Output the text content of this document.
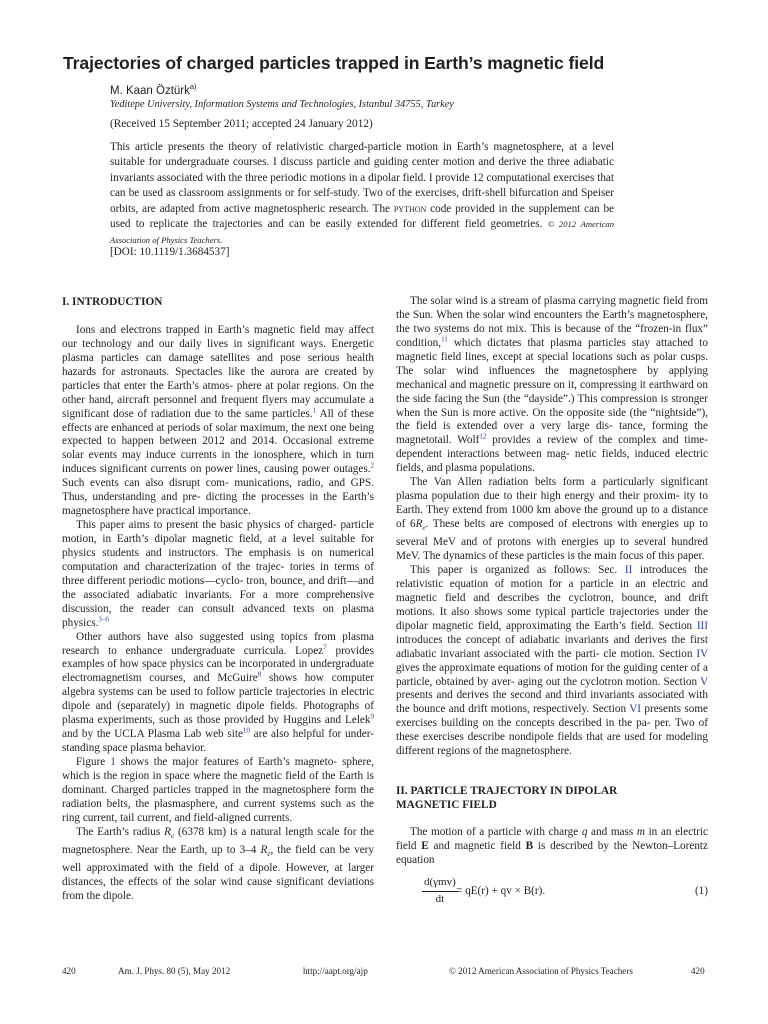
Trajectories of charged particles trapped in Earth’s magnetic field
M. Kaan Öztürk$^{a)}$
Yeditepe University, Information Systems and Technologies, Istanbul 34755, Turkey
(Received 15 September 2011; accepted 24 January 2012)

This article presents the theory of relativistic charged-particle motion in Earth’s magnetosphere, at a level suitable for undergraduate courses. I discuss particle and guiding center motion and derive the three adiabatic invariants associated with the three periodic motions in a dipolar field. I provide 12 computational exercises that can be used as classroom assignments or for self-study. Two of the exercises, drift-shell bifurcation and Speiser orbits, are adapted from active magnetospheric research. The python code provided in the supplement can be used to replicate the trajectories and can be easily extended for different field geometries. © 2012 American Association of Physics Teachers.

[DOI: 10.1119/1.3684537]

I. INTRODUCTION

Ions and electrons trapped in Earth’s magnetic field may affect our technology and our daily lives in significant ways. Energetic plasma particles can damage satellites and pose serious health hazards for astronauts. Spectacles like the aurora are created by particles that enter the Earth’s atmos- phere at polar regions. On the other hand, aircraft personnel and frequent flyers may accumulate a significant dose of radiation due to the same particles.$^1$ All of these effects are enhanced at periods of solar maximum, the next one being expected to happen between 2012 and 2014. Occasional extreme solar events may induce currents in the ionosphere, which in turn induces significant currents on power lines, causing power outages.$^2$ Such events can also disrupt com- munications, radio, and GPS. Thus, understanding and pre- dicting the processes in the Earth’s magnetosphere have practical importance.

This paper aims to present the basic physics of charged- particle motion, in Earth’s dipolar magnetic field, at a level suitable for physics students and instructors. The emphasis is on numerical computation and characterization of the trajec- tories in terms of three different periodic motions—cyclo- tron, bounce, and drift—and the associated adiabatic invariants. For a more comprehensive discussion, the reader can consult advanced texts on plasma physics.$^{3-6}$

Other authors have also suggested using topics from plasma research to enhance undergraduate curricula. Lopez$^7$ provides examples of how space physics can be incorporated in undergraduate electromagnetism courses, and McGuire$^8$ shows how computer algebra systems can be used to follow particle trajectories in electric dipole and (separately) in magnetic dipole fields. Photographs of plasma experiments, such as those provided by Huggins and Lelek$^9$ and by the UCLA Plasma Lab web site$^{10}$ are also helpful for under- standing space plasma behavior.

Figure 1 shows the major features of Earth’s magneto- sphere, which is the region in space where the magnetic field of the Earth is dominant. Charged particles trapped in the magnetosphere form the radiation belts, the plasmasphere, and current systems such as the ring current, tail current, and field-aligned currents.

The Earth’s radius $R_e$ (6378 km) is a natural length scale for the magnetosphere. Near the Earth, up to 3–4 $R_e$, the field can be very well approximated with the field of a dipole. However, at larger distances, the effects of the solar wind cause significant deviations from the dipole.

The solar wind is a stream of plasma carrying magnetic field from the Sun. When the solar wind encounters the Earth’s magnetosphere, the two systems do not mix. This is because of the “frozen-in flux” condition,$^{11}$ which dictates that plasma particles stay attached to magnetic field lines, except at special locations such as polar cusps. The solar wind influences the magnetosphere by applying mechanical and magnetic pressure on it, compressing it earthward on the side facing the Sun (the “dayside”.) This compression is stronger when the Sun is more active. On the opposite side (the “nightside”), the field is extended over a very large dis- tance, forming the magnetotail. Wolf$^{12}$ provides a review of the complex and time-dependent interactions between mag- netic fields, induced electric fields, and plasma populations.

The Van Allen radiation belts form a particularly significant plasma population due to their high energy and their proxim- ity to Earth. They extend from 1000 km above the ground up to a distance of $6R_e$. These belts are composed of electrons with energies up to several MeV and of protons with energies up to several hundred MeV. The dynamics of these particles is the main focus of this paper.

This paper is organized as follows: Sec. II introduces the relativistic equation of motion for a particle in an electric and magnetic field and describes the cyclotron, bounce, and drift motions. It also shows some typical particle trajectories under the dipolar magnetic field, approximating the Earth’s field. Section III introduces the concept of adiabatic invariants and derives the first adiabatic invariant associated with the parti- cle motion. Section IV gives the approximate equations of motion for the guiding center of a particle, obtained by aver- aging out the cyclotron motion. Section V presents and derives the second and third invariants associated with the bounce and drift motions, respectively. Section VI presents some exercises building on the concepts described in the pa- per. Two of these exercises describe nondipole fields that are used for modeling different regions of the magnetosphere.

II. PARTICLE TRAJECTORY IN DIPOLAR
MAGNETIC FIELD

The motion of a particle with charge q and mass m in an electric field E and magnetic field B is described by the Newton–Lorentz equation

d(γmv)
dt
= qE(r) + qv × B(r).	(1)
420	Am. J. Phys. 80 (5), May 2012	http://aapt.org/ajp	© 2012 American Association of Physics Teachers	420
